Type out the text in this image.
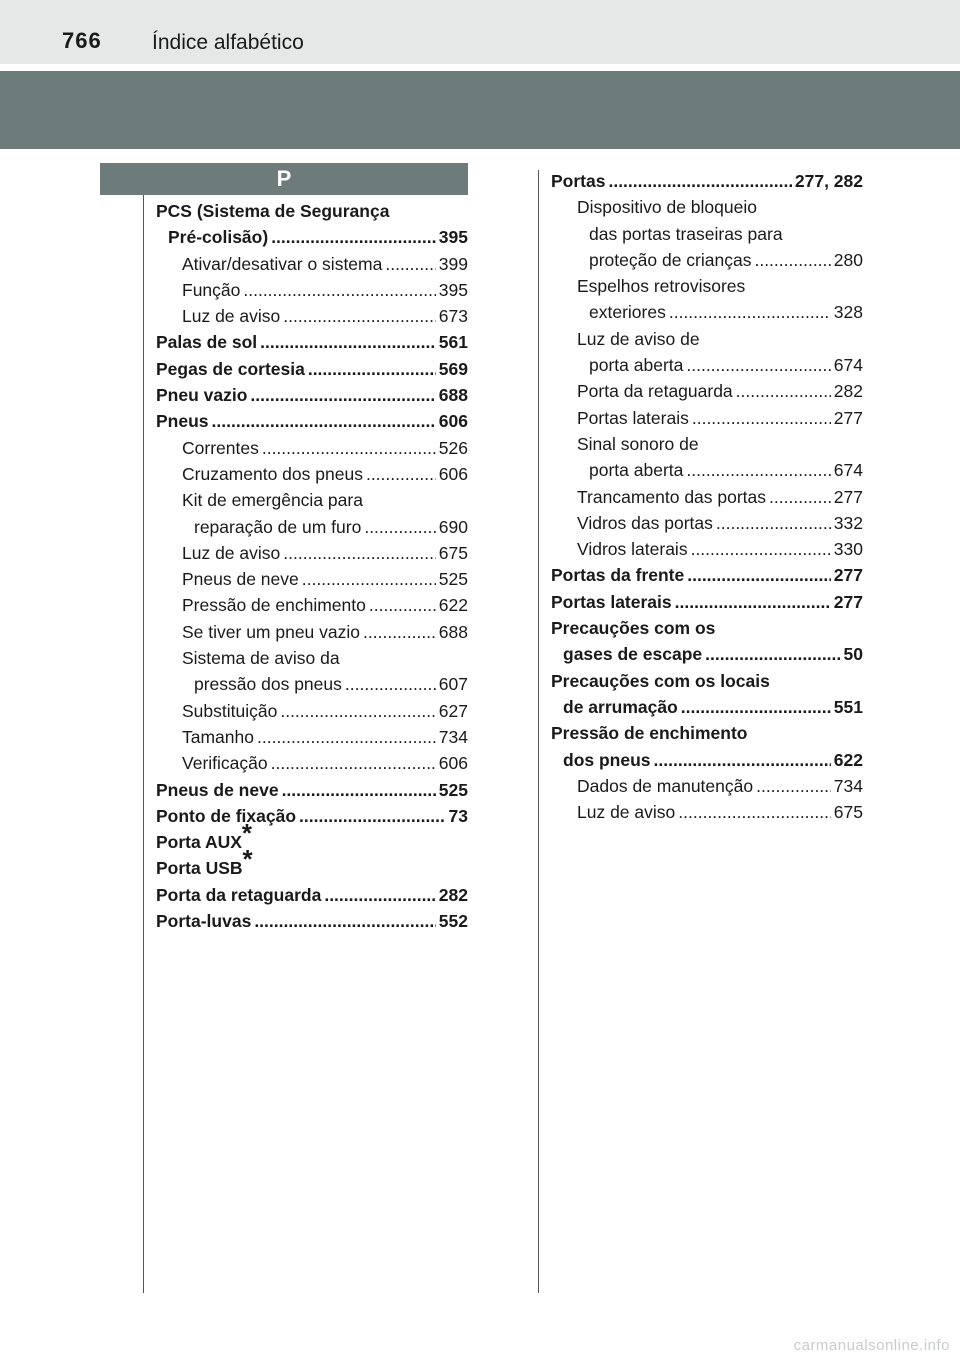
766 Índice alfabético
P
PCS (Sistema de Segurança
Pré-colisão) .....	395
Ativar/desativar o sistema .....	399
Função .....	395
Luz de aviso .....	673
Palas de sol .....	561
Pegas de cortesia .....	569
Pneu vazio .....	688
Pneus .....	606
Correntes .....	526
Cruzamento dos pneus .....	606
Kit de emergência para
reparação de um furo .....	690
Luz de aviso .....	675
Pneus de neve .....	525
Pressão de enchimento .....	622
Se tiver um pneu vazio .....	688
Sistema de aviso da
pressão dos pneus .....	607
Substituição .....	627
Tamanho .....	734
Verificação .....	606
Pneus de neve .....	525
Ponto de fixação .....	73
Porta AUX *
Porta USB *
Porta da retaguarda .....	282
Porta-luvas .....	552
Portas .....	277, 282
Dispositivo de bloqueio
das portas traseiras para
proteção de crianças .....	280
Espelhos retrovisores
exteriores .....	328
Luz de aviso de
porta aberta .....	674
Porta da retaguarda .....	282
Portas laterais .....	277
Sinal sonoro de
porta aberta .....	674
Trancamento das portas .....	277
Vidros das portas .....	332
Vidros laterais .....	330
Portas da frente .....	277
Portas laterais .....	277
Precauções com os
gases de escape .....	50
Precauções com os locais
de arrumação .....	551
Pressão de enchimento
dos pneus .....	622
Dados de manutenção .....	734
Luz de aviso .....	675
carmanualsonline.info
